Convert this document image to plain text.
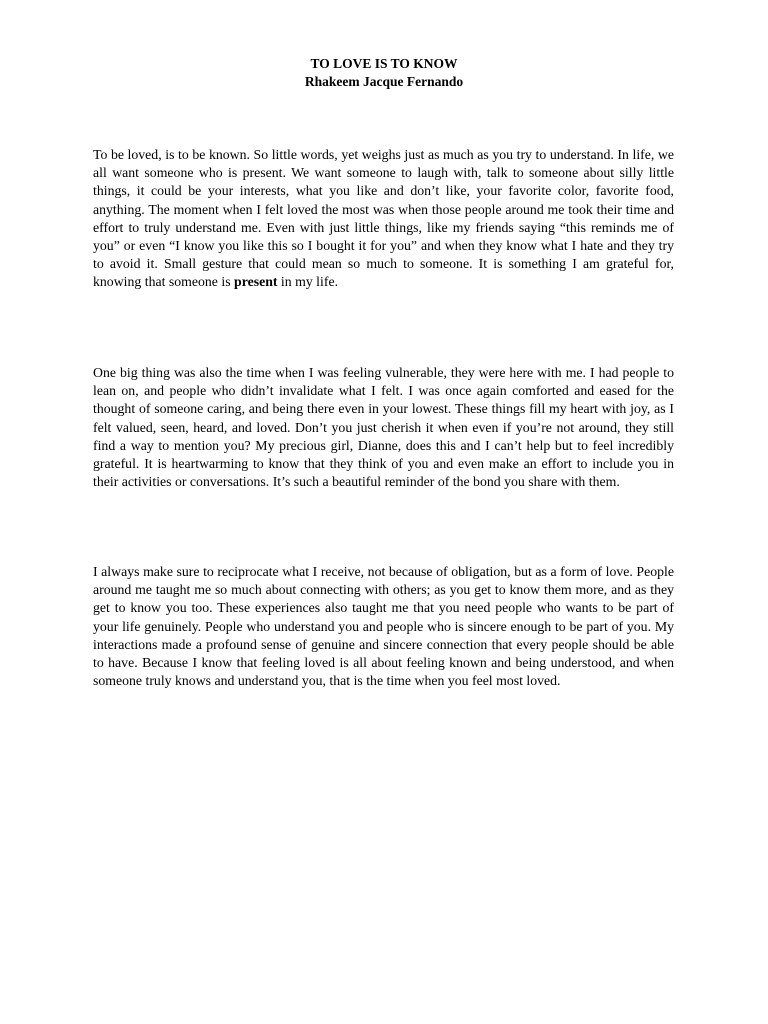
TO LOVE IS TO KNOW
Rhakeem Jacque Fernando
To be loved, is to be known. So little words, yet weighs just as much as you try to understand. In life, we all want someone who is present. We want someone to laugh with, talk to someone about silly little things, it could be your interests, what you like and don’t like, your favorite color, favorite food, anything. The moment when I felt loved the most was when those people around me took their time and effort to truly understand me. Even with just little things, like my friends saying “this reminds me of you” or even “I know you like this so I bought it for you” and when they know what I hate and they try to avoid it. Small gesture that could mean so much to someone. It is something I am grateful for, knowing that someone is present in my life.
One big thing was also the time when I was feeling vulnerable, they were here with me. I had people to lean on, and people who didn’t invalidate what I felt. I was once again comforted and eased for the thought of someone caring, and being there even in your lowest. These things fill my heart with joy, as I felt valued, seen, heard, and loved. Don’t you just cherish it when even if you’re not around, they still find a way to mention you? My precious girl, Dianne, does this and I can’t help but to feel incredibly grateful. It is heartwarming to know that they think of you and even make an effort to include you in their activities or conversations. It’s such a beautiful reminder of the bond you share with them.
I always make sure to reciprocate what I receive, not because of obligation, but as a form of love. People around me taught me so much about connecting with others; as you get to know them more, and as they get to know you too. These experiences also taught me that you need people who wants to be part of your life genuinely. People who understand you and people who is sincere enough to be part of you. My interactions made a profound sense of genuine and sincere connection that every people should be able to have. Because I know that feeling loved is all about feeling known and being understood, and when someone truly knows and understand you, that is the time when you feel most loved.
